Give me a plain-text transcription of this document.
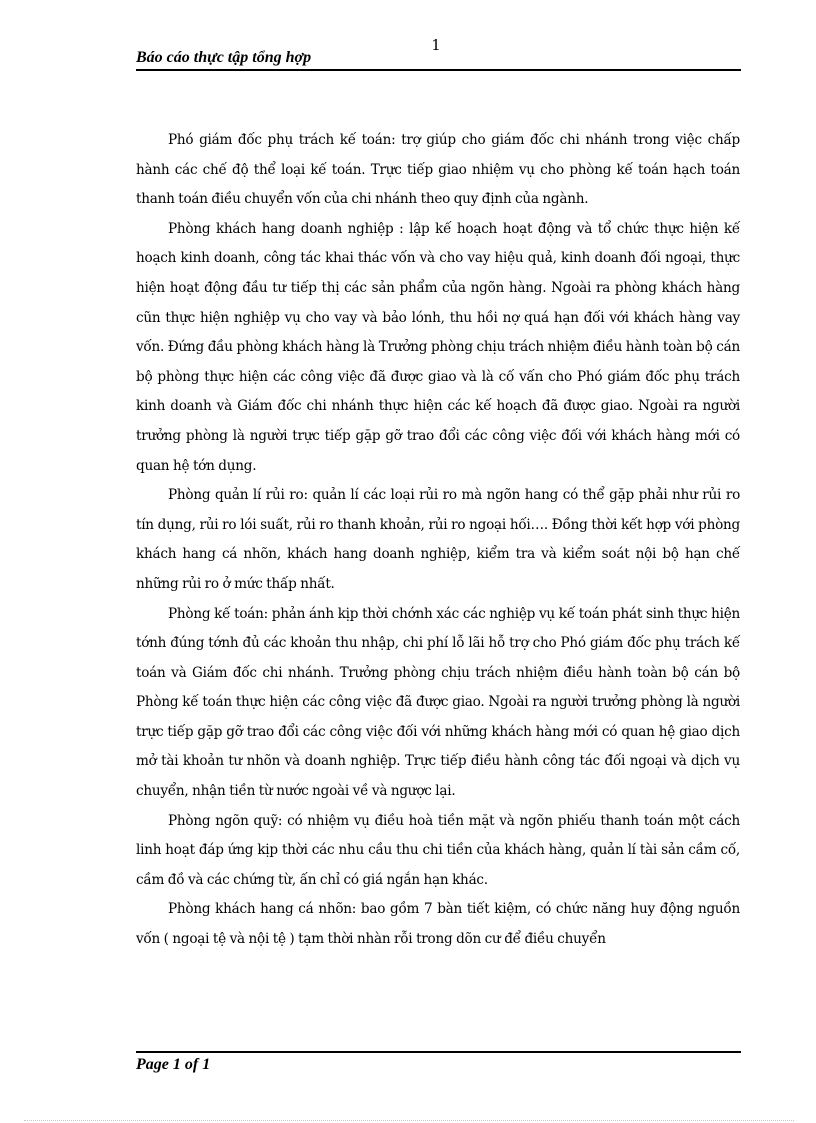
1
Báo cáo thực tập tổng hợp

Phó giám đốc phụ trách kế toán: trợ giúp cho giám đốc chi nhánh trong việc chấp hành các chế độ thể loại kế toán. Trực tiếp giao nhiệm vụ cho phòng kế toán hạch toán thanh toán điều chuyển vốn của chi nhánh theo quy định của ngành.

Phòng khách hang doanh nghiệp : lập kế hoạch hoạt động và tổ chức thực hiện kế hoạch kinh doanh, công tác khai thác vốn và cho vay hiệu quả, kinh doanh đối ngoại, thực hiện hoạt động đầu tư tiếp thị các sản phẩm của ngõn hàng. Ngoài ra phòng khách hàng cũn thực hiện nghiệp vụ cho vay và bảo lónh, thu hồi nợ quá hạn đối với khách hàng vay vốn. Đứng đầu phòng khách hàng là Trưởng phòng chịu trách nhiệm điều hành toàn bộ cán bộ phòng thực hiện các công việc đã được giao và là cố vấn cho Phó giám đốc phụ trách kinh doanh và Giám đốc chi nhánh thực hiện các kế hoạch đã được giao. Ngoài ra người trưởng phòng là người trực tiếp gặp gỡ trao đổi các công việc đối với khách hàng mới có quan hệ tớn dụng.

Phòng quản lí rủi ro: quản lí các loại rủi ro mà ngõn hang có thể gặp phải như rủi ro tín dụng, rủi ro lói suất, rủi ro thanh khoản, rủi ro ngoại hối…. Đồng thời kết hợp với phòng khách hang cá nhõn, khách hang doanh nghiệp, kiểm tra và kiểm soát nội bộ hạn chế những rủi ro ở mức thấp nhất.

Phòng kế toán: phản ánh kịp thời chớnh xác các nghiệp vụ kế toán phát sinh thực hiện tớnh đúng tớnh đủ các khoản thu nhập, chi phí lỗ lãi hỗ trợ cho Phó giám đốc phụ trách kế toán và Giám đốc chi nhánh. Trưởng phòng chịu trách nhiệm điều hành toàn bộ cán bộ Phòng kế toán thực hiện các công việc đã được giao. Ngoài ra người trưởng phòng là người trực tiếp gặp gỡ trao đổi các công việc đối với những khách hàng mới có quan hệ giao dịch mở tài khoản tư nhõn và doanh nghiệp. Trực tiếp điều hành công tác đối ngoại và dịch vụ chuyển, nhận tiền từ nước ngoài về và ngược lại.

Phòng ngõn quỹ: có nhiệm vụ điều hoà tiền mặt và ngõn phiếu thanh toán một cách linh hoạt đáp ứng kịp thời các nhu cầu thu chi tiền của khách hàng, quản lí tài sản cầm cố, cầm đồ và các chứng từ, ấn chỉ có giá ngắn hạn khác.

Phòng khách hang cá nhõn: bao gồm 7 bàn tiết kiệm, có chức năng huy động nguồn vốn ( ngoại tệ và nội tệ ) tạm thời nhàn rỗi trong dõn cư để điều chuyển

Page 1 of 1
